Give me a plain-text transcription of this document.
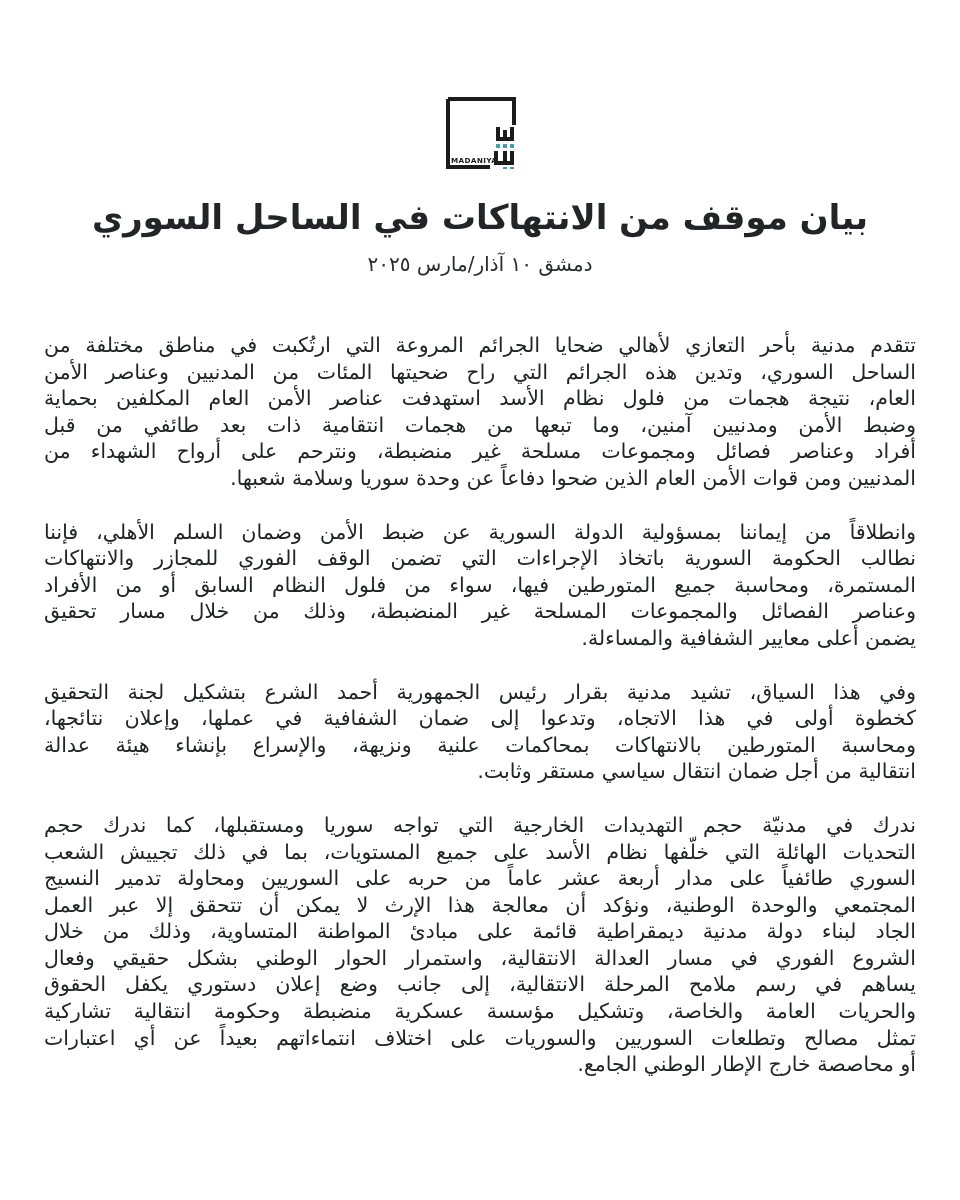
MADANIYA
بيان موقف من الانتهاكات في الساحل السوري

دمشق ١٠ آذار/مارس ٢٠٢٥

تتقدم مدنية بأحر التعازي لأهالي ضحايا الجرائم المروعة التي ارتُكبت في مناطق مختلفة من
الساحل السوري، وتدين هذه الجرائم التي راح ضحيتها المئات من المدنيين وعناصر الأمن
العام، نتيجة هجمات من فلول نظام الأسد استهدفت عناصر الأمن العام المكلفين بحماية
وضبط الأمن ومدنيين آمنين، وما تبعها من هجمات انتقامية ذات بعد طائفي من قبل
أفراد وعناصر فصائل ومجموعات مسلحة غير منضبطة، ونترحم على أرواح الشهداء من
المدنيين ومن قوات الأمن العام الذين ضحوا دفاعاً عن وحدة سوريا وسلامة شعبها.

وانطلاقاً من إيماننا بمسؤولية الدولة السورية عن ضبط الأمن وضمان السلم الأهلي، فإننا
نطالب الحكومة السورية باتخاذ الإجراءات التي تضمن الوقف الفوري للمجازر والانتهاكات
المستمرة، ومحاسبة جميع المتورطين فيها، سواء من فلول النظام السابق أو من الأفراد
وعناصر الفصائل والمجموعات المسلحة غير المنضبطة، وذلك من خلال مسار تحقيق
يضمن أعلى معايير الشفافية والمساءلة.

وفي هذا السياق، تشيد مدنية بقرار رئيس الجمهورية أحمد الشرع بتشكيل لجنة التحقيق
كخطوة أولى في هذا الاتجاه، وتدعوا إلى ضمان الشفافية في عملها، وإعلان نتائجها،
ومحاسبة المتورطين بالانتهاكات بمحاكمات علنية ونزيهة، والإسراع بإنشاء هيئة عدالة
انتقالية من أجل ضمان انتقال سياسي مستقر وثابت.

ندرك في مدنيّة حجم التهديدات الخارجية التي تواجه سوريا ومستقبلها، كما ندرك حجم
التحديات الهائلة التي خلّفها نظام الأسد على جميع المستويات، بما في ذلك تجييش الشعب
السوري طائفياً على مدار أربعة عشر عاماً من حربه على السوريين ومحاولة تدمير النسيج
المجتمعي والوحدة الوطنية، ونؤكد أن معالجة هذا الإرث لا يمكن أن تتحقق إلا عبر العمل
الجاد لبناء دولة مدنية ديمقراطية قائمة على مبادئ المواطنة المتساوية، وذلك من خلال
الشروع الفوري في مسار العدالة الانتقالية، واستمرار الحوار الوطني بشكل حقيقي وفعال
يساهم في رسم ملامح المرحلة الانتقالية، إلى جانب وضع إعلان دستوري يكفل الحقوق
والحريات العامة والخاصة، وتشكيل مؤسسة عسكرية منضبطة وحكومة انتقالية تشاركية
تمثل مصالح وتطلعات السوريين والسوريات على اختلاف انتماءاتهم بعيداً عن أي اعتبارات
أو محاصصة خارج الإطار الوطني الجامع.
